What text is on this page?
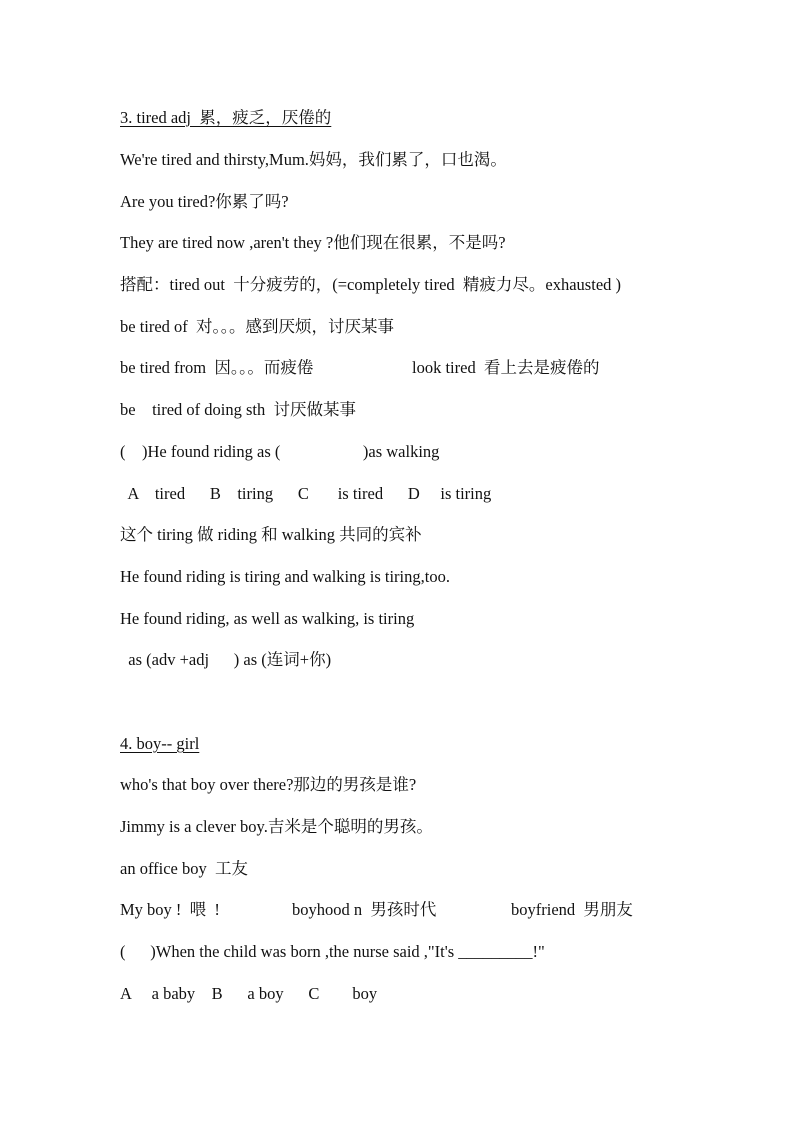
3. tired adj  累，疲乏，厌倦的
We're tired and thirsty,Mum.妈妈，我们累了，口也渴。
Are you tired?你累了吗?
They are tired now ,aren't they ?他们现在很累，不是吗?
搭配：tired out  十分疲劳的，(=completely tired  精疲力尽。exhausted )
be tired of  对。。。感到厌烦，讨厌某事
be tired from  因。。。而疲倦	look tired  看上去是疲倦的
be    tired of doing sth  讨厌做某事
(    )He found riding as (                    )as walking
A    tired      B    tiring      C       is tired      D     is tiring
这个 tiring 做 riding 和 walking 共同的宾补
He found riding is tiring and walking is tiring,too.
He found riding, as well as walking, is tiring
as (adv +adj      ) as (连词+你)
4. boy-- girl
who's that boy over there?那边的男孩是谁?
Jimmy is a clever boy.吉米是个聪明的男孩。
an office boy  工友
My boy !  喂  !	boyhood n  男孩时代	boyfriend  男朋友
(      )When the child was born ,the nurse said ,"It's _________!"
A     a baby    B      a boy      C        boy
